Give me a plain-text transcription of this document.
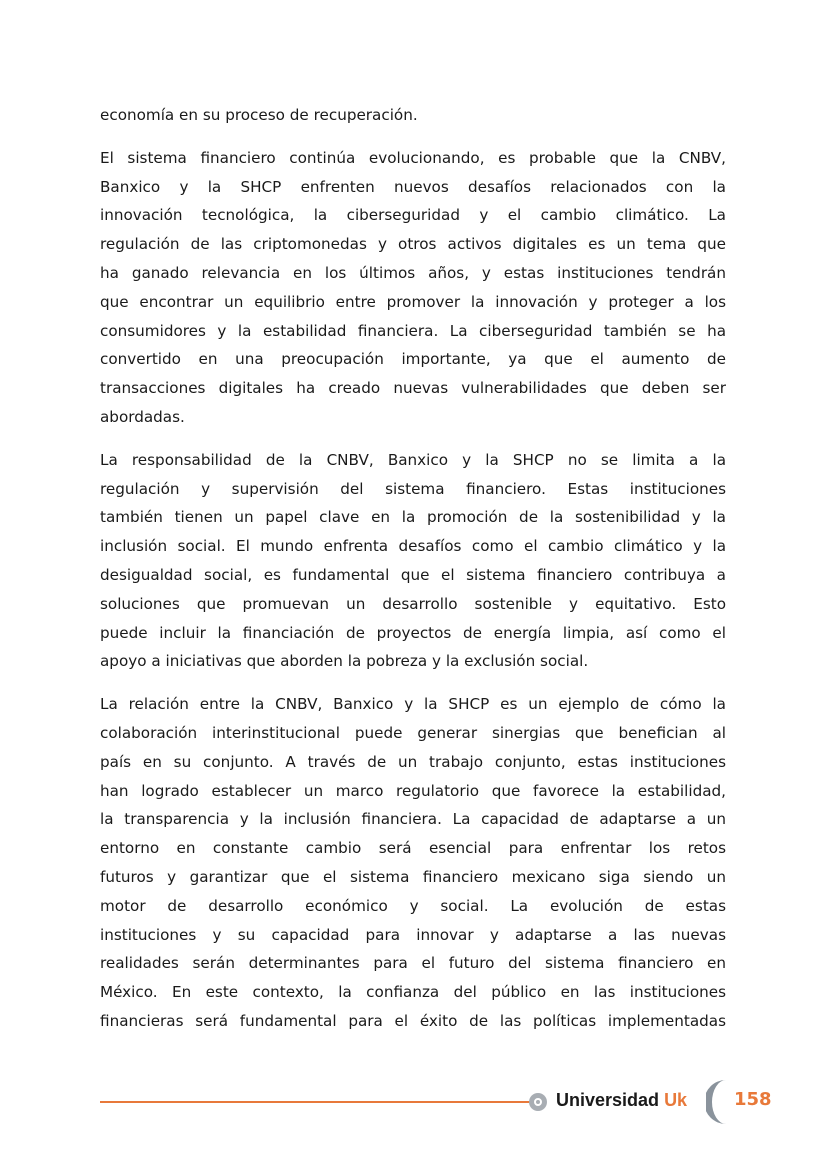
economía en su proceso de recuperación.
El sistema financiero continúa evolucionando, es probable que la CNBV,
Banxico y la SHCP enfrenten nuevos desafíos relacionados con la
innovación tecnológica, la ciberseguridad y el cambio climático. La
regulación de las criptomonedas y otros activos digitales es un tema que
ha ganado relevancia en los últimos años, y estas instituciones tendrán
que encontrar un equilibrio entre promover la innovación y proteger a los
consumidores y la estabilidad financiera. La ciberseguridad también se ha
convertido en una preocupación importante, ya que el aumento de
transacciones digitales ha creado nuevas vulnerabilidades que deben ser
abordadas.
La responsabilidad de la CNBV, Banxico y la SHCP no se limita a la
regulación y supervisión del sistema financiero. Estas instituciones
también tienen un papel clave en la promoción de la sostenibilidad y la
inclusión social. El mundo enfrenta desafíos como el cambio climático y la
desigualdad social, es fundamental que el sistema financiero contribuya a
soluciones que promuevan un desarrollo sostenible y equitativo. Esto
puede incluir la financiación de proyectos de energía limpia, así como el
apoyo a iniciativas que aborden la pobreza y la exclusión social.
La relación entre la CNBV, Banxico y la SHCP es un ejemplo de cómo la
colaboración interinstitucional puede generar sinergias que benefician al
país en su conjunto. A través de un trabajo conjunto, estas instituciones
han logrado establecer un marco regulatorio que favorece la estabilidad,
la transparencia y la inclusión financiera. La capacidad de adaptarse a un
entorno en constante cambio será esencial para enfrentar los retos
futuros y garantizar que el sistema financiero mexicano siga siendo un
motor de desarrollo económico y social. La evolución de estas
instituciones y su capacidad para innovar y adaptarse a las nuevas
realidades serán determinantes para el futuro del sistema financiero en
México. En este contexto, la confianza del público en las instituciones
financieras será fundamental para el éxito de las políticas implementadas
Universidad Uk	158
